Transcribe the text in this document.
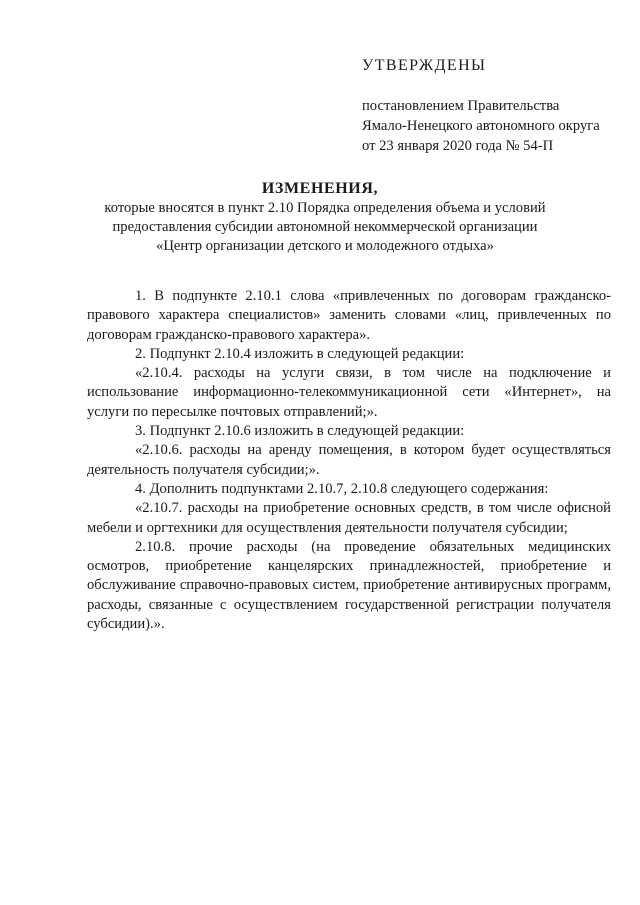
УТВЕРЖДЕНЫ

постановлением Правительства

Ямало-Ненецкого автономного округа

от 23 января 2020 года № 54-П

ИЗМЕНЕНИЯ,
которые вносятся в пункт 2.10 Порядка определения объема и условий
предоставления субсидии автономной некоммерческой организации
«Центр организации детского и молодежного отдыха»

1. В подпункте 2.10.1 слова «привлеченных по договорам гражданско-правового характера специалистов» заменить словами «лиц, привлеченных по договорам гражданско-правового характера».

2. Подпункт 2.10.4 изложить в следующей редакции:

«2.10.4. расходы на услуги связи, в том числе на подключение и использование информационно-телекоммуникационной сети «Интернет», на услуги по пересылке почтовых отправлений;».

3. Подпункт 2.10.6 изложить в следующей редакции:

«2.10.6. расходы на аренду помещения, в котором будет осуществляться деятельность получателя субсидии;».

4. Дополнить подпунктами 2.10.7, 2.10.8 следующего содержания:

«2.10.7. расходы на приобретение основных средств, в том числе офисной мебели и оргтехники для осуществления деятельности получателя субсидии;

2.10.8. прочие расходы (на проведение обязательных медицинских осмотров, приобретение канцелярских принадлежностей, приобретение и обслуживание справочно-правовых систем, приобретение антивирусных программ, расходы, связанные с осуществлением государственной регистрации получателя субсидии).».
